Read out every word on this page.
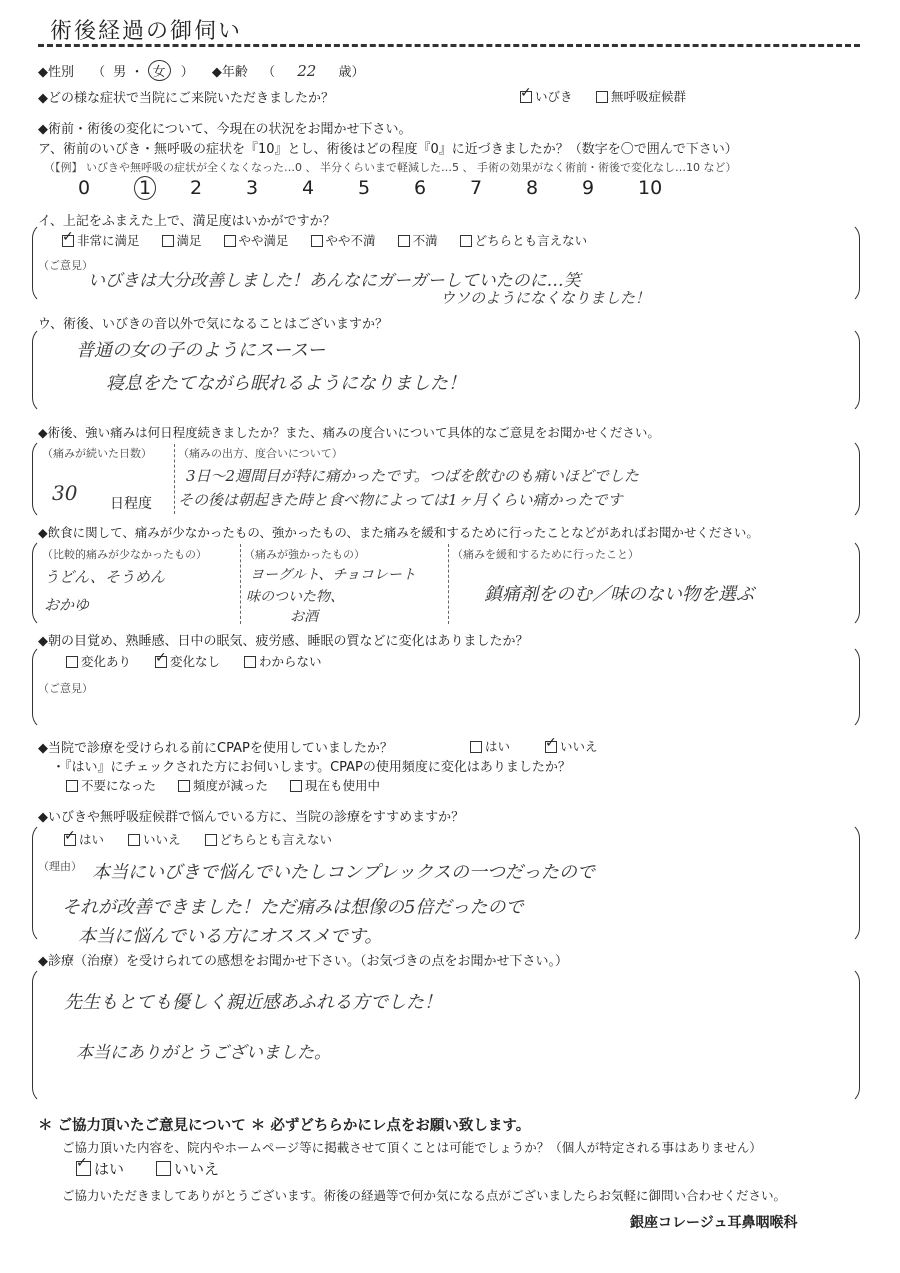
術後経過の御伺い
◆性別 （ 男 ・ 女 ） ◆年齢 （ 22 歳）
◆どの様な症状で当院にご来院いただきましたか？ ✓	いびき	無呼吸症候群
◆術前・術後の変化について、今現在の状況をお聞かせ下さい。
ア、術前のいびき・無呼吸の症状を『10』とし、術後はどの程度『0』に近づきましたか？（数字を〇で囲んで下さい）
（【例】 いびきや無呼吸の症状が全くなくなった…0 、 半分くらいまで軽減した…5 、 手術の効果がなく術前・術後で変化なし…10 など）
0	1 2 3 4 5 6 7 8 9 10
イ、上記をふまえた上で、満足度はいかがですか？
✓非常に満足	満足	やや満足	やや不満	不満	どちらとも言えない
（ご意見）
いびきは大分改善しました！あんなにガーガーしていたのに…笑
ウソのようになくなりました！
ウ、術後、いびきの音以外で気になることはございますか？
普通の女の子のようにスースー
寝息をたてながら眠れるようになりました！
◆術後、強い痛みは何日程度続きましたか？また、痛みの度合いについて具体的なご意見をお聞かせください。
（痛みが続いた日数）
30 日程度
（痛みの出方、度合いについて）
3日〜2週間目が特に痛かったです。つばを飲むのも痛いほどでした
その後は朝起きた時と食べ物によっては1ヶ月くらい痛かったです
◆飲食に関して、痛みが少なかったもの、強かったもの、また痛みを緩和するために行ったことなどがあればお聞かせください。
（比較的痛みが少なかったもの）
うどん、そうめん
おかゆ
（痛みが強かったもの）
ヨーグルト、チョコレート
味のついた物、
お酒
（痛みを緩和するために行ったこと）
鎮痛剤をのむ／味のない物を選ぶ
◆朝の目覚め、熟睡感、日中の眠気、疲労感、睡眠の質などに変化はありましたか？
変化あり ✓	変化なし	わからない
（ご意見）
◆当院で診療を受けられる前にCPAPを使用していましたか？	はい ✓	いいえ
・『はい』にチェックされた方にお伺いします。CPAPの使用頻度に変化はありましたか？
不要になった	頻度が減った	現在も使用中
◆いびきや無呼吸症候群で悩んでいる方に、当院の診療をすすめますか？
✓はい	いいえ	どちらとも言えない
（理由） 本当にいびきで悩んでいたしコンプレックスの一つだったので
それが改善できました！ただ痛みは想像の5倍だったので
本当に悩んでいる方にオススメです。
◆診療（治療）を受けられての感想をお聞かせ下さい。（お気づきの点をお聞かせ下さい。）
先生もとても優しく親近感あふれる方でした！
本当にありがとうございました。
＊ ご協力頂いたご意見について ＊ 必ずどちらかにレ点をお願い致します。
ご協力頂いた内容を、院内やホームページ等に掲載させて頂くことは可能でしょうか？（個人が特定される事はありません）
✓はい	いいえ
ご協力いただきましてありがとうございます。術後の経過等で何か気になる点がございましたらお気軽に御問い合わせください。
銀座コレージュ耳鼻咽喉科
